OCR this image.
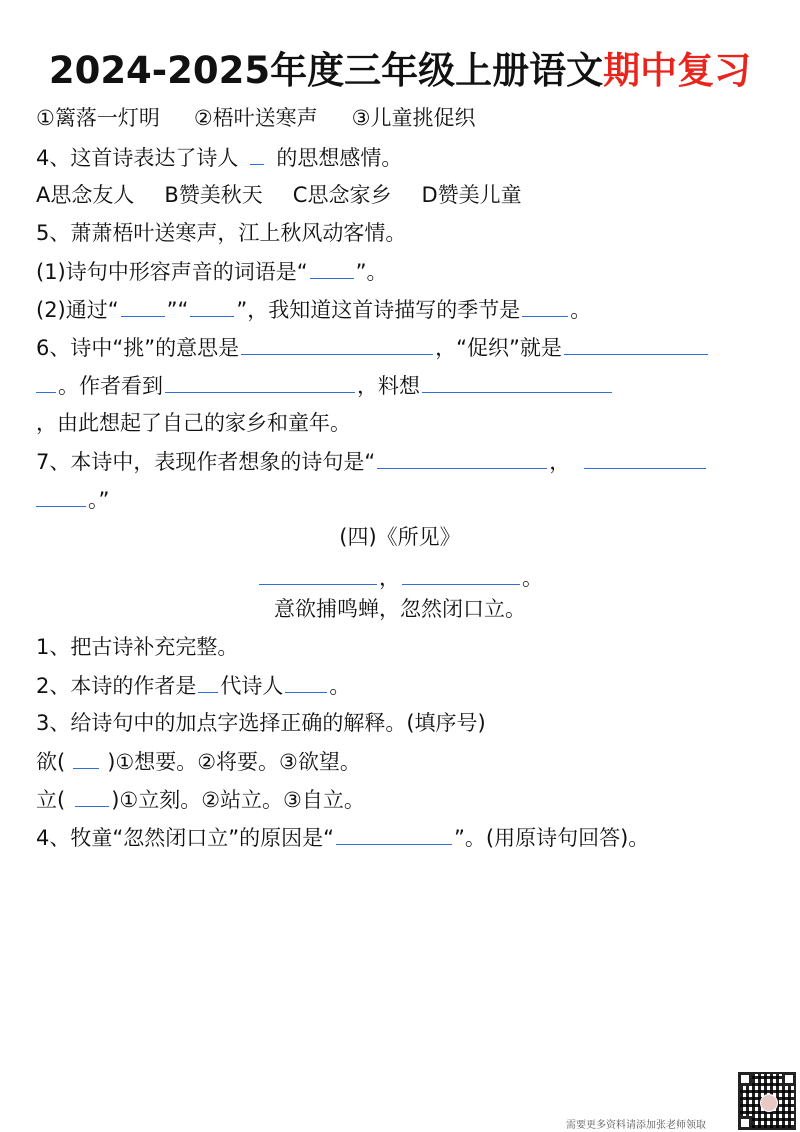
2024-2025年度三年级上册语文期中复习
①篱落一灯明 ②梧叶送寒声 ③儿童挑促织
4、这首诗表达了诗人 的思想感情。
A思念友人 B赞美秋天 C思念家乡 D赞美儿童
5、萧萧梧叶送寒声，江上秋风动客情。
(1)诗句中形容声音的词语是“ ”。
(2)通过“ ”“ ”，我知道这首诗描写的季节是 。
6、诗中“挑”的意思是	，“促织”就是
。作者看到	，料想
，由此想起了自己的家乡和童年。
7、本诗中，表现作者想象的诗句是“	，
。”
(四)《所见》
，	。
意欲捕鸣蝉，忽然闭口立。
1、把古诗补充完整。
2、本诗的作者是 代诗人 。
3、给诗句中的加点字选择正确的解释。(填序号)
欲( )①想要。②将要。③欲望。
立( )①立刻。②站立。③自立。
4、牧童“忽然闭口立”的原因是“	”。(用原诗句回答)。
需要更多资料请添加张老师领取
